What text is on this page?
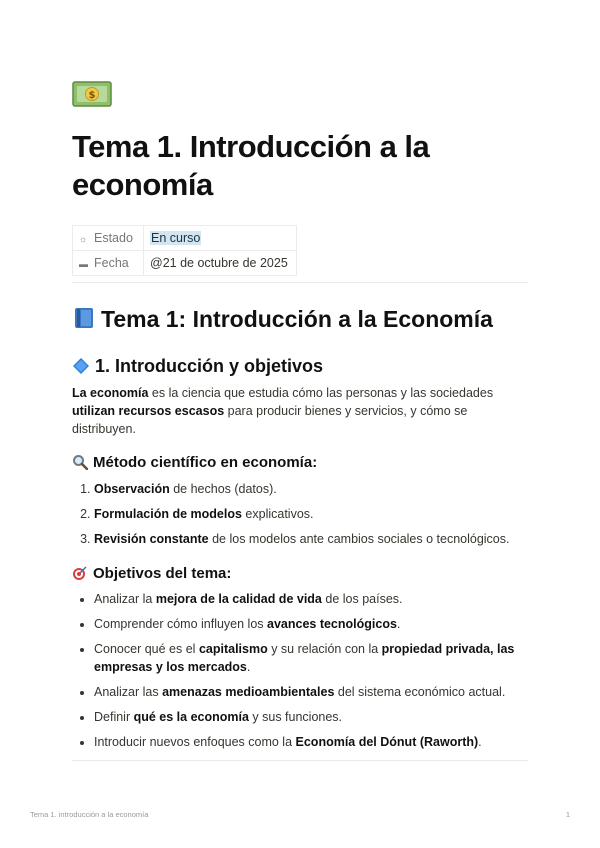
$
Tema 1. Introducción a la economía
☼ Estado	En curso
▬ Fecha	@21 de octubre de 2025
Tema 1: Introducción a la Economía
1. Introducción y objetivos

La economía es la ciencia que estudia cómo las personas y las sociedades utilizan recursos escasos para producir bienes y servicios, y cómo se distribuyen.

Método científico en economía:
1. Observación de hechos (datos).
2. Formulación de modelos explicativos.
3. Revisión constante de los modelos ante cambios sociales o tecnológicos.
Objetivos del tema:
• Analizar la mejora de la calidad de vida de los países.
• Comprender cómo influyen los avances tecnológicos.
• Conocer qué es el capitalismo y su relación con la propiedad privada, las empresas y los mercados.
• Analizar las amenazas medioambientales del sistema económico actual.
• Definir qué es la economía y sus funciones.
• Introducir nuevos enfoques como la Economía del Dónut (Raworth).
Tema 1. introducción a la economía	1
